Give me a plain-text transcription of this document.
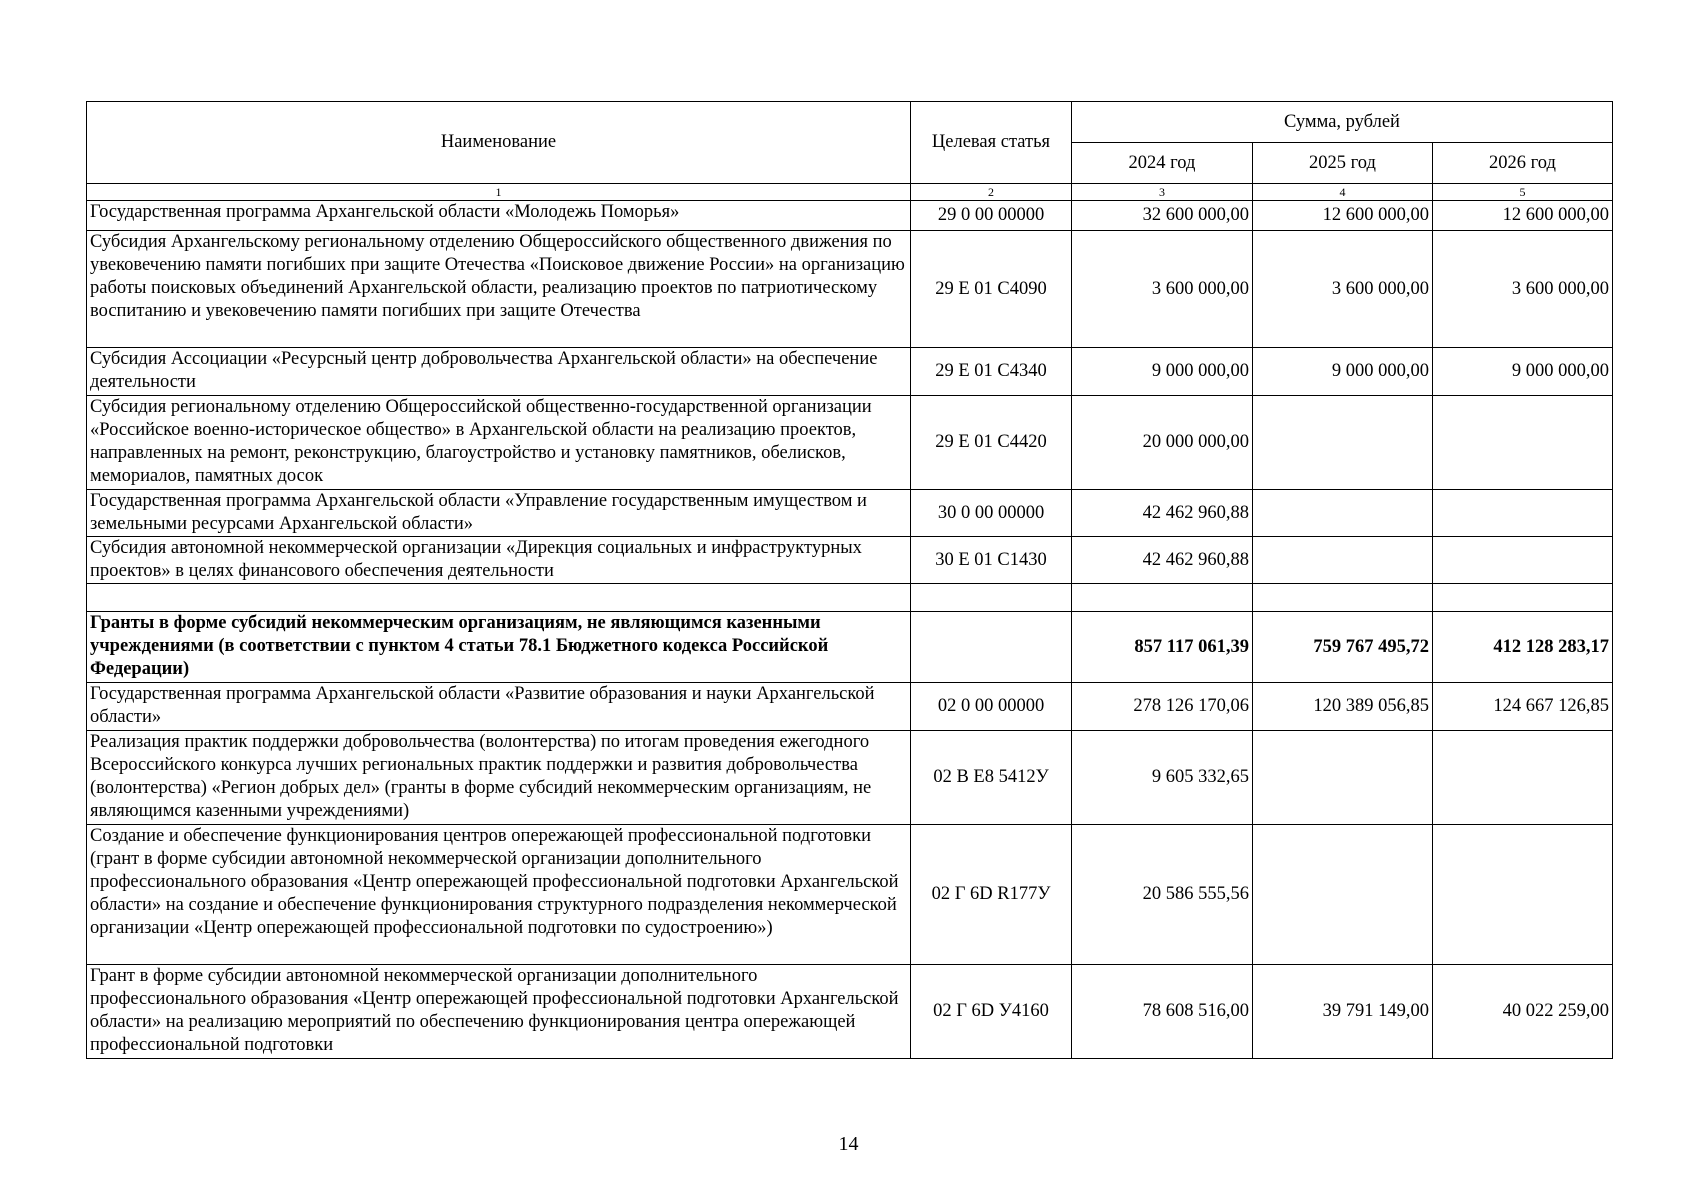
Наименование	Целевая статья	Сумма, рублей		
		2024 год	2025 год	2026 год
1	2	3	4	5
Государственная программа Архангельской области «Молодежь Поморья»	29 0 00 00000	32 600 000,00	12 600 000,00	12 600 000,00
Субсидия Архангельскому региональному отделению Общероссийского общественного движения по увековечению памяти погибших при защите Отечества «Поисковое движение России» на организацию работы поисковых объединений Архангельской области, реализацию проектов по патриотическому воспитанию и увековечению памяти погибших при защите Отечества	29 Е 01 С4090	3 600 000,00	3 600 000,00	3 600 000,00
Субсидия Ассоциации «Ресурсный центр добровольчества Архангельской области» на обеспечение деятельности	29 Е 01 С4340	9 000 000,00	9 000 000,00	9 000 000,00
Субсидия региональному отделению Общероссийской общественно-государственной организации «Российское военно-историческое общество» в Архангельской области на реализацию проектов, направленных на ремонт, реконструкцию, благоустройство и установку памятников, обелисков, мемориалов, памятных досок	29 Е 01 С4420	20 000 000,00		
Государственная программа Архангельской области «Управление государственным имуществом и земельными ресурсами Архангельской области»	30 0 00 00000	42 462 960,88		
Субсидия автономной некоммерческой организации «Дирекция социальных и инфраструктурных проектов» в целях финансового обеспечения деятельности	30 Е 01 С1430	42 462 960,88		

Гранты в форме субсидий некоммерческим организациям, не являющимся казенными учреждениями (в соответствии с пунктом 4 статьи 78.1 Бюджетного кодекса Российской Федерации)		857 117 061,39	759 767 495,72	412 128 283,17
Государственная программа Архангельской области «Развитие образования и науки Архангельской области»	02 0 00 00000	278 126 170,06	120 389 056,85	124 667 126,85
Реализация практик поддержки добровольчества (волонтерства) по итогам проведения ежегодного Всероссийского конкурса лучших региональных практик поддержки и развития добровольчества (волонтерства) «Регион добрых дел» (гранты в форме субсидий некоммерческим организациям, не являющимся казенными учреждениями)	02 В Е8 5412У	9 605 332,65		
Создание и обеспечение функционирования центров опережающей профессиональной подготовки (грант в форме субсидии автономной некоммерческой организации дополнительного профессионального образования «Центр опережающей профессиональной подготовки Архангельской области» на создание и обеспечение функционирования структурного подразделения некоммерческой организации «Центр опережающей профессиональной подготовки по судостроению»)	02 Г 6D R177У	20 586 555,56		
Грант в форме субсидии автономной некоммерческой организации дополнительного профессионального образования «Центр опережающей профессиональной подготовки Архангельской области» на реализацию мероприятий по обеспечению функционирования центра опережающей профессиональной подготовки	02 Г 6D У4160	78 608 516,00	39 791 149,00	40 022 259,00
14
